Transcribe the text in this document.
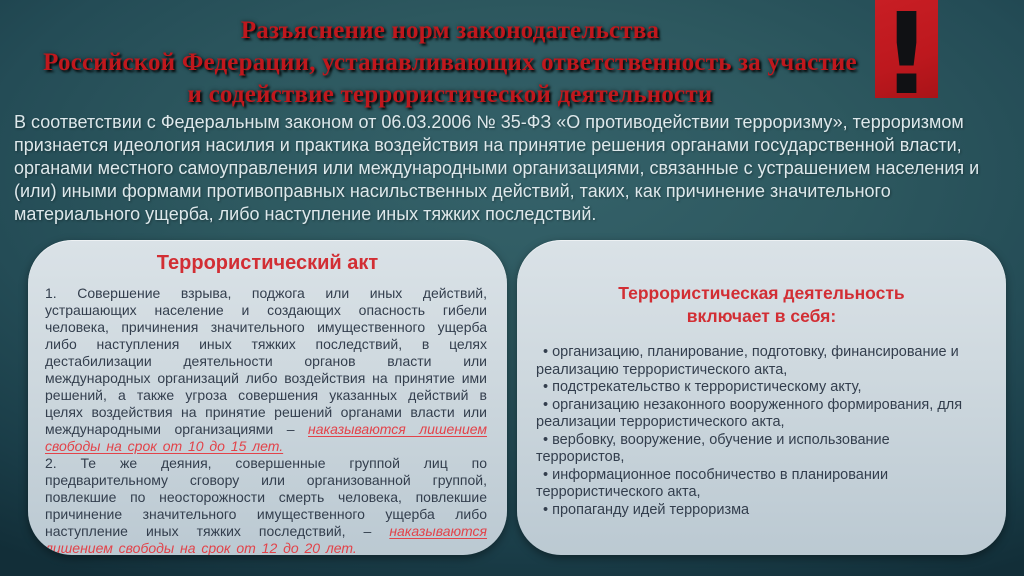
Разъяснение норм законодательства
Российской Федерации, устанавливающих ответственность за участие
и содействие террористической деятельности	!
В соответствии с Федеральным законом от 06.03.2006 № 35-ФЗ «О противодействии терроризму», терроризмом признается идеология насилия и практика воздействия на принятие решения органами государственной власти, органами местного самоуправления или международными организациями, связанные с устрашением населения и (или) иными формами противоправных насильственных действий, таких, как причинение значительного материального ущерба, либо наступление иных тяжких последствий.
Террористический акт

1. Совершение взрыва, поджога или иных действий, устрашающих население и создающих опасность гибели человека, причинения значительного имущественного ущерба либо наступления иных тяжких последствий, в целях дестабилизации деятельности органов власти или международных организаций либо воздействия на принятие ими решений, а также угроза совершения указанных действий в целях воздействия на принятие решений органами власти или международными организациями – наказываются лишением свободы на срок от 10 до 15 лет.

2. Те же деяния, совершенные группой лиц по предварительному сговору или организованной группой, повлекшие по неосторожности смерть человека, повлекшие причинение значительного имущественного ущерба либо наступление иных тяжких последствий, – наказываются лишением свободы на срок от 12 до 20 лет.

Террористическая деятельность
включает в себя:
• организацию, планирование, подготовку, финансирование и реализацию террористического акта,
• подстрекательство к террористическому акту,
• организацию незаконного вооруженного формирования, для реализации террористического акта,
• вербовку, вооружение, обучение и использование террористов,
• информационное пособничество в планировании террористического акта,
• пропаганду идей терроризма
